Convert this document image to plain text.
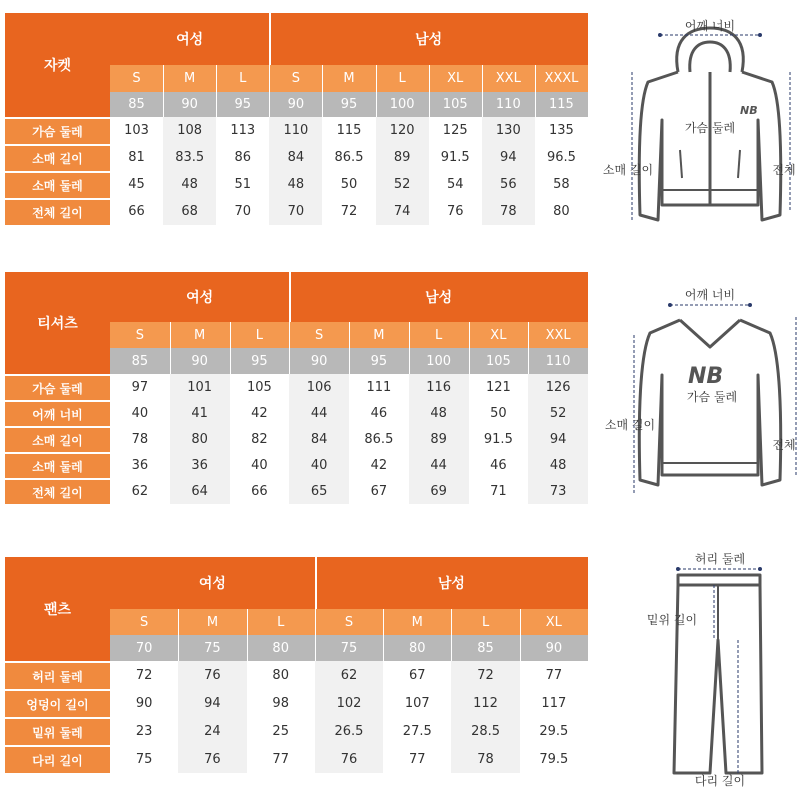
자켓
여성	남성
S	M	L	S	M	L	XL	XXL	XXXL
85	90	95	90	95	100	105	110	115
가슴 둘레	103	108	113	110	115	120	125	130	135
소매 길이	81	83.5	86	84	86.5	89	91.5	94	96.5
소매 둘레	45	48	51	48	50	52	54	56	58
전체 길이	66	68	70	70	72	74	76	78	80
티셔츠
여성	남성
S	M	L	S	M	L	XL	XXL
85	90	95	90	95	100	105	110
가슴 둘레	97	101	105	106	111	116	121	126
어깨 너비	40	41	42	44	46	48	50	52
소매 길이	78	80	82	84	86.5	89	91.5	94
소매 둘레	36	36	40	40	42	44	46	48
전체 길이	62	64	66	65	67	69	71	73
팬츠
여성	남성
S	M	L	S	M	L	XL
70	75	80	75	80	85	90
허리 둘레	72	76	80	62	67	72	77
엉덩이 길이	90	94	98	102	107	112	117
밑위 둘레	23	24	25	26.5	27.5	28.5	29.5
다리 길이	75	76	77	76	77	78	79.5
NB
어깨 너비
가슴 둘레
소매 길이	전체
NB
어깨 너비
가슴 둘레
소매 길이
전체
허리 둘레
밑위 길이
다리 길이
